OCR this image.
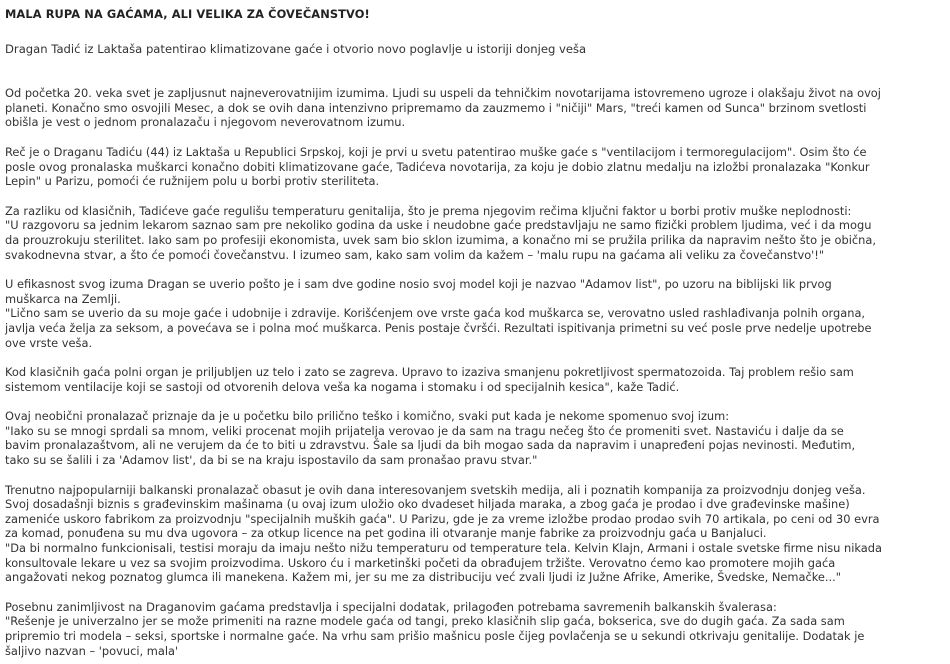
MALA RUPA NA GAĆAMA, ALI VELIKA ZA ČOVEČANSTVO!
Dragan Tadić iz Laktaša patentirao klimatizovane gaće i otvorio novo poglavlje u istoriji donjeg veša

Od početka 20. veka svet je zapljusnut najneverovatnijim izumima. Ljudi su uspeli da tehničkim novotarijama istovremeno ugroze i olakšaju život na ovoj
planeti. Konačno smo osvojili Mesec, a dok se ovih dana intenzivno pripremamo da zauzmemo i "ničiji" Mars, "treći kamen od Sunca" brzinom svetlosti
obišla je vest o jednom pronalazaču i njegovom neverovatnom izumu.

Reč je o Draganu Tadiću (44) iz Laktaša u Republici Srpskoj, koji je prvi u svetu patentirao muške gaće s "ventilacijom i termoregulacijom". Osim što će
posle ovog pronalaska muškarci konačno dobiti klimatizovane gaće, Tadićeva novotarija, za koju je dobio zlatnu medalju na izložbi pronalazaka "Konkur
Lepin" u Parizu, pomoći će ružnijem polu u borbi protiv steriliteta.

Za razliku od klasičnih, Tadićeve gaće regulišu temperaturu genitalija, što je prema njegovim rečima ključni faktor u borbi protiv muške neplodnosti:
"U razgovoru sa jednim lekarom saznao sam pre nekoliko godina da uske i neudobne gaće predstavljaju ne samo fizički problem ljudima, već i da mogu
da prouzrokuju sterilitet. Iako sam po profesiji ekonomista, uvek sam bio sklon izumima, a konačno mi se pružila prilika da napravim nešto što je obična,
svakodnevna stvar, a što će pomoći čovečanstvu. I izumeo sam, kako sam volim da kažem – 'malu rupu na gaćama ali veliku za čovečanstvo'!"

U efikasnost svog izuma Dragan se uverio pošto je i sam dve godine nosio svoj model koji je nazvao "Adamov list", po uzoru na biblijski lik prvog
muškarca na Zemlji.
"Lično sam se uverio da su moje gaće i udobnije i zdravije. Korišćenjem ove vrste gaća kod muškarca se, verovatno usled rashlađivanja polnih organa,
javlja veća želja za seksom, a povećava se i polna moć muškarca. Penis postaje čvršći. Rezultati ispitivanja primetni su već posle prve nedelje upotrebe
ove vrste veša.

Kod klasičnih gaća polni organ je priljubljen uz telo i zato se zagreva. Upravo to izaziva smanjenu pokretljivost spermatozoida. Taj problem rešio sam
sistemom ventilacije koji se sastoji od otvorenih delova veša ka nogama i stomaku i od specijalnih kesica", kaže Tadić.

Ovaj neobični pronalazač priznaje da je u početku bilo prilično teško i komično, svaki put kada je nekome spomenuo svoj izum:
"Iako su se mnogi sprdali sa mnom, veliki procenat mojih prijatelja verovao je da sam na tragu nečeg što će promeniti svet. Nastaviću i dalje da se
bavim pronalazaštvom, ali ne verujem da će to biti u zdravstvu. Šale sa ljudi da bih mogao sada da napravim i unapređeni pojas nevinosti. Međutim,
tako su se šalili i za 'Adamov list', da bi se na kraju ispostavilo da sam pronašao pravu stvar."

Trenutno najpopularniji balkanski pronalazač obasut je ovih dana interesovanjem svetskih medija, ali i poznatih kompanija za proizvodnju donjeg veša.
Svoj dosadašnji biznis s građevinskim mašinama (u ovaj izum uložio oko dvadeset hiljada maraka, a zbog gaća je prodao i dve građevinske mašine)
zameniće uskoro fabrikom za proizvodnju "specijalnih muških gaća". U Parizu, gde je za vreme izložbe prodao prodao svih 70 artikala, po ceni od 30 evra
za komad, ponuđena su mu dva ugovora – za otkup licence na pet godina ili otvaranje manje fabrike za proizvodnju gaća u Banjaluci.
"Da bi normalno funkcionisali, testisi moraju da imaju nešto nižu temperaturu od temperature tela. Kelvin Klajn, Armani i ostale svetske firme nisu nikada
konsultovale lekare u vez sa svojim proizvodima. Uskoro ću i marketinški početi da obrađujem tržište. Verovatno ćemo kao promotere mojih gaća
angažovati nekog poznatog glumca ili manekena. Kažem mi, jer su me za distribuciju već zvali ljudi iz Južne Afrike, Amerike, Švedske, Nemačke..."

Posebnu zanimljivost na Draganovim gaćama predstavlja i specijalni dodatak, prilagođen potrebama savremenih balkanskih švalerasa:
"Rešenje je univerzalno jer se može primeniti na razne modele gaća od tangi, preko klasičnih slip gaća, bokserica, sve do dugih gaća. Za sada sam
pripremio tri modela – seksi, sportske i normalne gaće. Na vrhu sam prišio mašnicu posle čijeg povlačenja se u sekundi otkrivaju genitalije. Dodatak je
šaljivo nazvan – 'povuci, mala'
